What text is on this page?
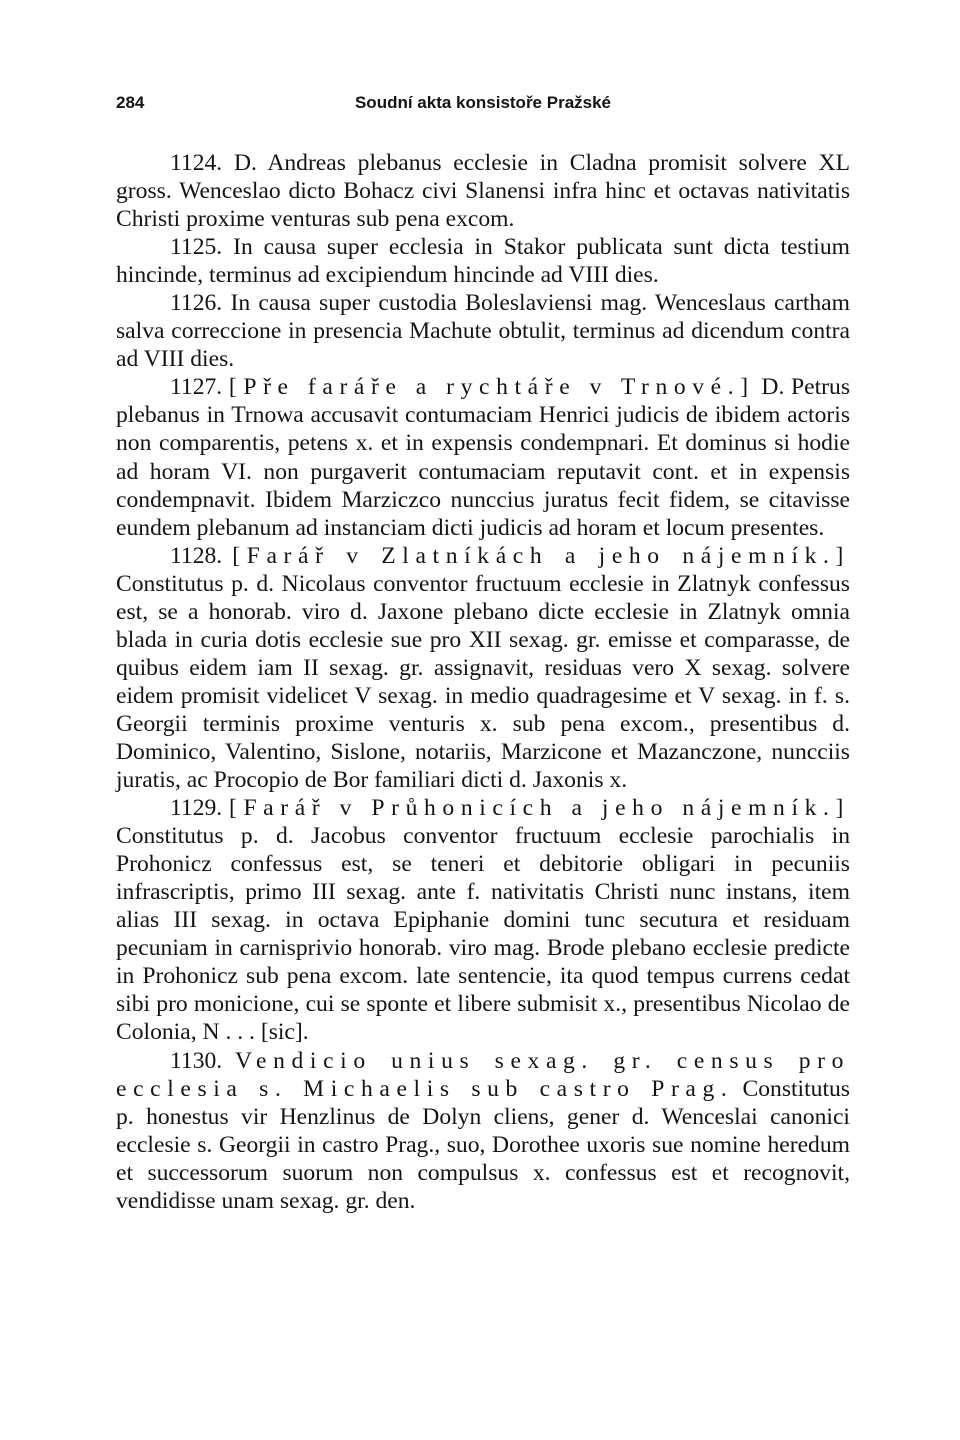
284	Soudní akta konsistoře Pražské

1124. D. Andreas plebanus ecclesie in Cladna promisit solvere XL gross. Wenceslao dicto Bohacz civi Slanensi infra hinc et octavas nativitatis Christi proxime venturas sub pena excom.

1125. In causa super ecclesia in Stakor publicata sunt dicta testium hincinde, terminus ad excipiendum hincinde ad VIII dies.

1126. In causa super custodia Boleslaviensi mag. Wenceslaus cartham salva correccione in presencia Machute obtulit, terminus ad dicendum contra ad VIII dies.

1127. [Pře faráře a rychtáře v Trnové.] D. Petrus plebanus in Trnowa accusavit contumaciam Henrici judicis de ibidem actoris non comparentis, petens x. et in expensis condempnari. Et dominus si hodie ad horam VI. non purgaverit contumaciam reputavit cont. et in expensis condempnavit. Ibidem Marziczco nunccius juratus fecit fidem, se citavisse eundem plebanum ad instanciam dicti judicis ad horam et locum presentes.

1128. [Farář v Zlatníkách a jeho nájemník.] Constitutus p. d. Nicolaus conventor fructuum ecclesie in Zlatnyk confessus est, se a honorab. viro d. Jaxone plebano dicte ecclesie in Zlatnyk omnia blada in curia dotis ecclesie sue pro XII sexag. gr. emisse et comparasse, de quibus eidem iam II sexag. gr. assignavit, residuas vero X sexag. solvere eidem promisit videlicet V sexag. in medio quadragesime et V sexag. in f. s. Georgii terminis proxime venturis x. sub pena excom., presentibus d. Dominico, Valentino, Sislone, notariis, Marzicone et Mazanczone, nuncciis juratis, ac Procopio de Bor familiari dicti d. Jaxonis x.

1129. [Farář v Průhonicích a jeho nájemník.] Constitutus p. d. Jacobus conventor fructuum ecclesie parochialis in Prohonicz confessus est, se teneri et debitorie obligari in pecuniis infrascriptis, primo III sexag. ante f. nativitatis Christi nunc instans, item alias III sexag. in octava Epiphanie domini tunc secutura et residuam pecuniam in carnisprivio honorab. viro mag. Brode plebano ecclesie predicte in Prohonicz sub pena excom. late sentencie, ita quod tempus currens cedat sibi pro monicione, cui se sponte et libere submisit x., presentibus Nicolao de Colonia, N . . . [sic].

1130. Vendicio unius sexag. gr. census pro ecclesia s. Michaelis sub castro Prag. Constitutus p. honestus vir Henzlinus de Dolyn cliens, gener d. Wenceslai canonici ecclesie s. Georgii in castro Prag., suo, Dorothee uxoris sue nomine heredum et successorum suorum non compulsus x. confessus est et recognovit, vendidisse unam sexag. gr. den.
